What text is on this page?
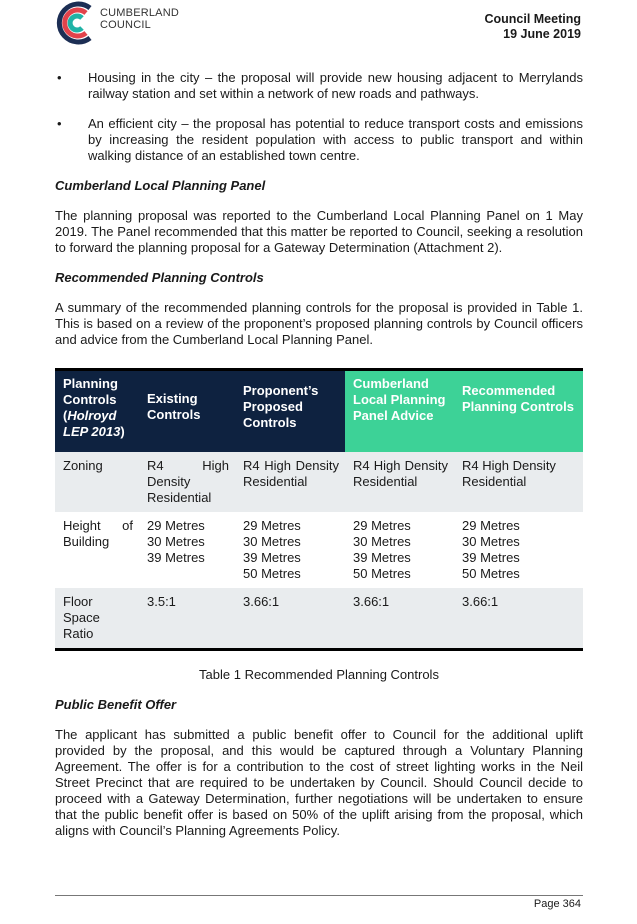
CUMBERLAND
COUNCIL	Council Meeting
19 June 2019
• Housing in the city – the proposal will provide new housing adjacent to Merrylands railway station and set within a network of new roads and pathways.
• An efficient city – the proposal has potential to reduce transport costs and emissions by increasing the resident population with access to public transport and within walking distance of an established town centre.
Cumberland Local Planning Panel

The planning proposal was reported to the Cumberland Local Planning Panel on 1 May 2019. The Panel recommended that this matter be reported to Council, seeking a resolution to forward the planning proposal for a Gateway Determination (Attachment 2).

Recommended Planning Controls

A summary of the recommended planning controls for the proposal is provided in Table 1. This is based on a review of the proponent’s proposed planning controls by Council officers and advice from the Cumberland Local Planning Panel.

Planning Controls (Holroyd LEP 2013)	Existing Controls	Proponent’s Proposed Controls	Cumberland Local Planning Panel Advice	Recommended Planning Controls
Zoning	R4 High Density Residential	R4 High Density Residential	R4 High Density Residential	R4 High Density Residential
Height of Building	29 Metres
30 Metres
39 Metres	29 Metres
30 Metres
39 Metres
50 Metres	29 Metres
30 Metres
39 Metres
50 Metres	29 Metres
30 Metres
39 Metres
50 Metres
Floor Space Ratio	3.5:1	3.66:1	3.66:1	3.66:1
Table 1 Recommended Planning Controls
Public Benefit Offer

The applicant has submitted a public benefit offer to Council for the additional uplift provided by the proposal, and this would be captured through a Voluntary Planning Agreement. The offer is for a contribution to the cost of street lighting works in the Neil Street Precinct that are required to be undertaken by Council. Should Council decide to proceed with a Gateway Determination, further negotiations will be undertaken to ensure that the public benefit offer is based on 50% of the uplift arising from the proposal, which aligns with Council’s Planning Agreements Policy.

Page 364
